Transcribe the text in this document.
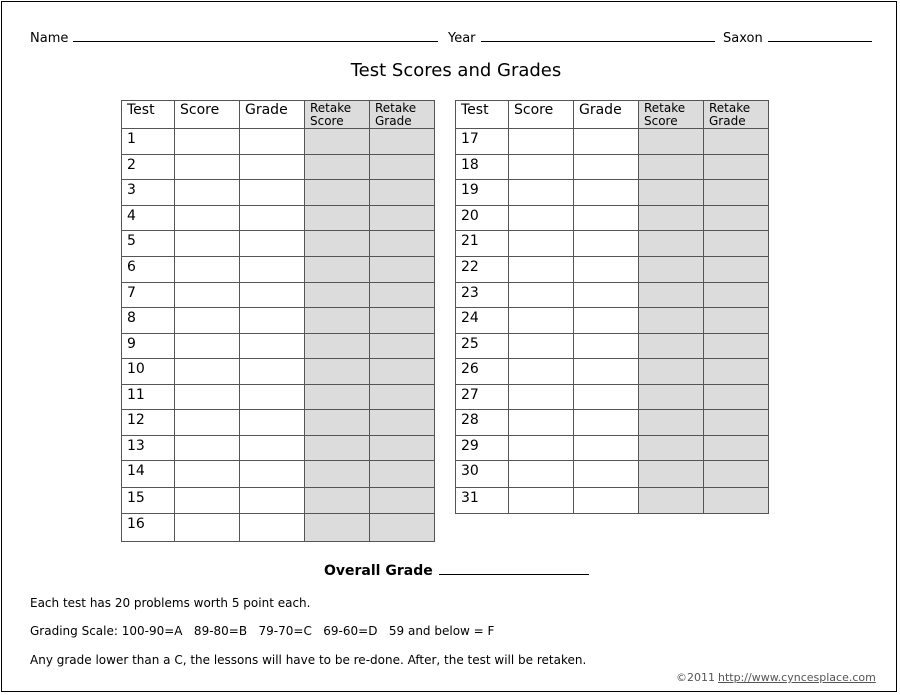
Name	Year	Saxon
Test Scores and Grades
Test	Score	Grade	Retake Score	Retake Grade
1				
2				
3				
4				
5				
6				
7				
8				
9				
10				
11				
12				
13				
14				
15				
16				
Test	Score	Grade	Retake Score	Retake Grade
17				
18				
19				
20				
21				
22				
23				
24				
25				
26				
27				
28				
29				
30				
31				
Overall Grade
Each test has 20 problems worth 5 point each.
Grading Scale: 100-90=A   89-80=B   79-70=C   69-60=D   59 and below = F
Any grade lower than a C, the lessons will have to be re-done. After, the test will be retaken.
©2011 http://www.cyncesplace.com
